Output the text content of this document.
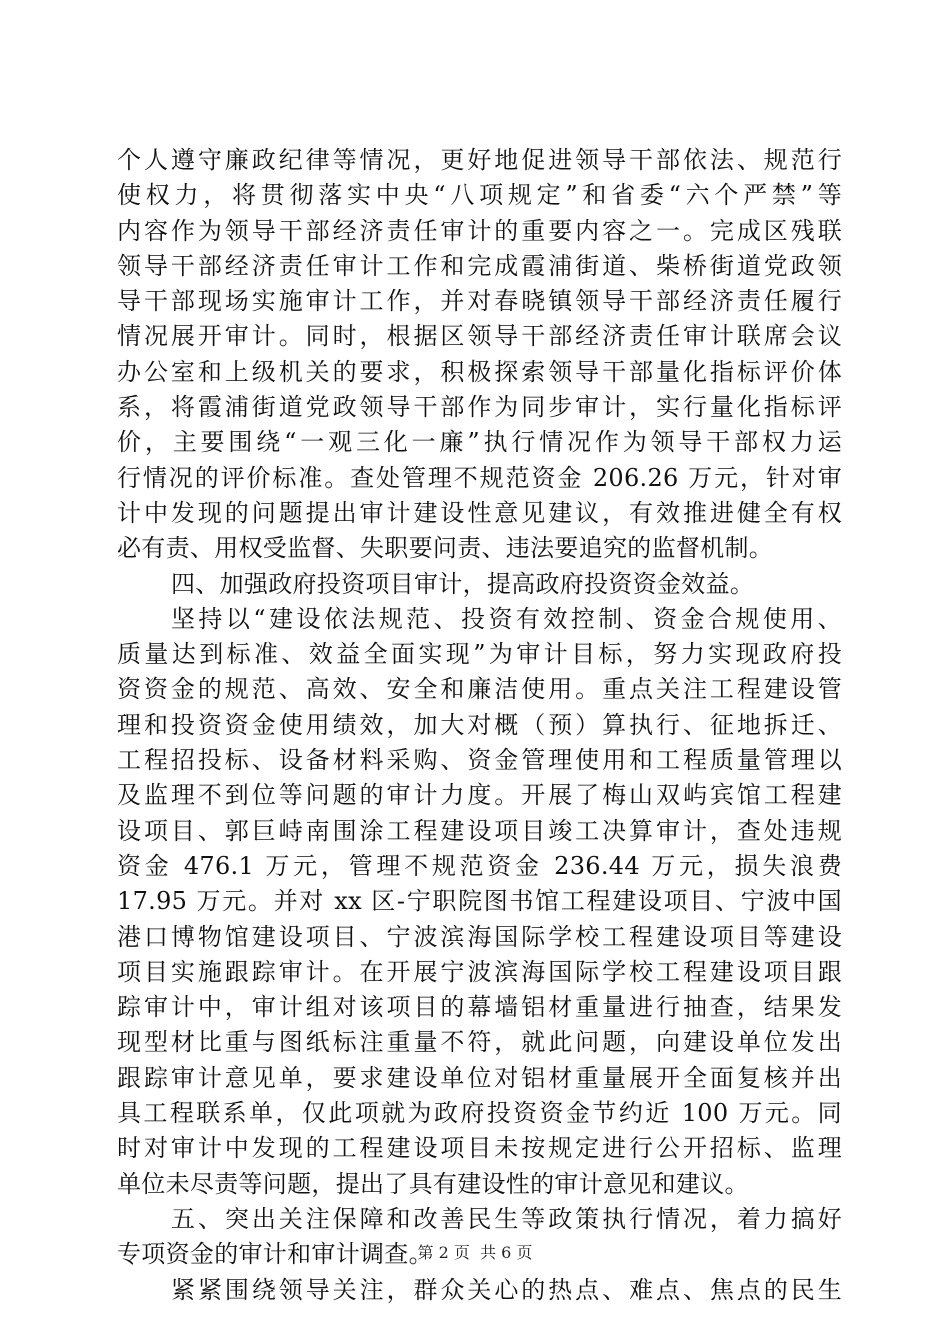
个人遵守廉政纪律等情况，更好地促进领导干部依法、规范行
使权力，将贯彻落实中央“八项规定”和省委“六个严禁”等
内容作为领导干部经济责任审计的重要内容之一。完成区残联
领导干部经济责任审计工作和完成霞浦街道、柴桥街道党政领
导干部现场实施审计工作，并对春晓镇领导干部经济责任履行
情况展开审计。同时，根据区领导干部经济责任审计联席会议
办公室和上级机关的要求，积极探索领导干部量化指标评价体
系，将霞浦街道党政领导干部作为同步审计，实行量化指标评
价，主要围绕“一观三化一廉”执行情况作为领导干部权力运
行情况的评价标准。查处管理不规范资金 206.26 万元，针对审
计中发现的问题提出审计建设性意见建议，有效推进健全有权
必有责、用权受监督、失职要问责、违法要追究的监督机制。
四、加强政府投资项目审计，提高政府投资资金效益。
坚持以“建设依法规范、投资有效控制、资金合规使用、
质量达到标准、效益全面实现”为审计目标，努力实现政府投
资资金的规范、高效、安全和廉洁使用。重点关注工程建设管
理和投资资金使用绩效，加大对概（预）算执行、征地拆迁、
工程招投标、设备材料采购、资金管理使用和工程质量管理以
及监理不到位等问题的审计力度。开展了梅山双屿宾馆工程建
设项目、郭巨峙南围涂工程建设项目竣工决算审计，查处违规
资金 476.1 万元，管理不规范资金 236.44 万元，损失浪费
17.95 万元。并对 xx 区-宁职院图书馆工程建设项目、宁波中国
港口博物馆建设项目、宁波滨海国际学校工程建设项目等建设
项目实施跟踪审计。在开展宁波滨海国际学校工程建设项目跟
踪审计中，审计组对该项目的幕墙铝材重量进行抽查，结果发
现型材比重与图纸标注重量不符，就此问题，向建设单位发出
跟踪审计意见单，要求建设单位对铝材重量展开全面复核并出
具工程联系单，仅此项就为政府投资资金节约近 100 万元。同
时对审计中发现的工程建设项目未按规定进行公开招标、监理
单位未尽责等问题，提出了具有建设性的审计意见和建议。
五、突出关注保障和改善民生等政策执行情况，着力搞好
专项资金的审计和审计调查。
紧紧围绕领导关注，群众关心的热点、难点、焦点的民生
第 2 页  共 6 页
